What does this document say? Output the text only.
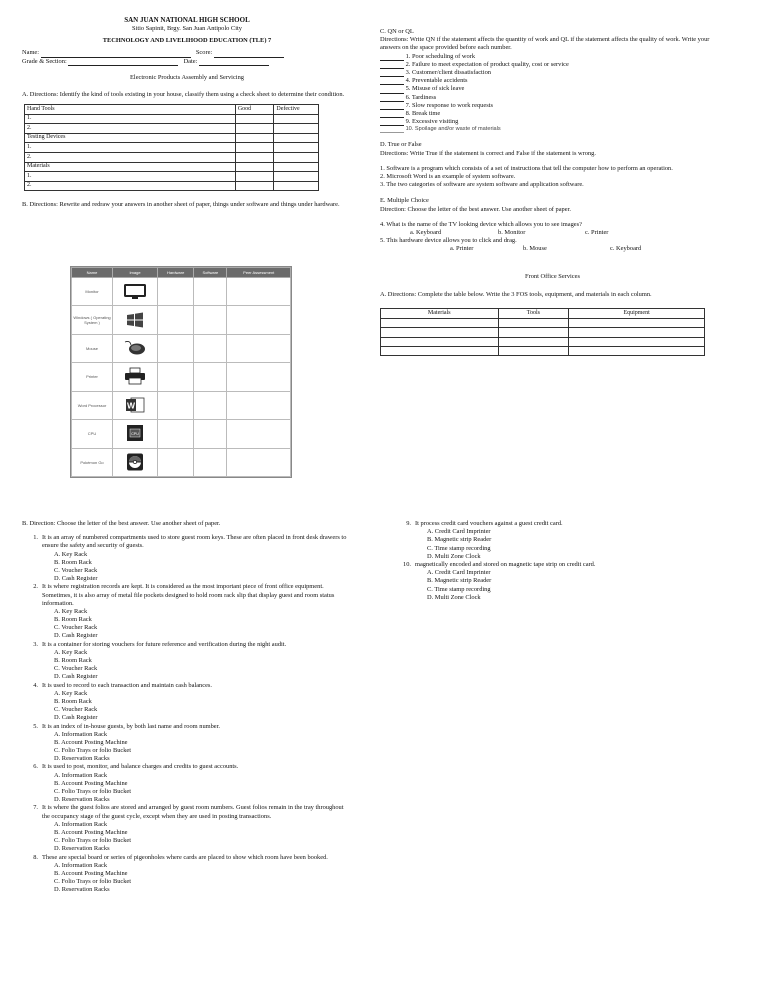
SAN JUAN NATIONAL HIGH SCHOOL
Sitio Sapinit, Brgy. San Juan Antipolo City
TECHNOLOGY AND LIVELIHOOD EDUCATION (TLE) 7
Name:	Score:
Grade & Section:	Date:
Electronic Products Assembly and Servicing
A. Directions: Identify the kind of tools existing in your house, classify them using a check sheet to determine their condition.
Hand Tools	Good	Defective
1.		
2.		
Testing Devices		
1.		
2.		
Materials		
1.		
2.		
B. Directions: Rewrite and redraw your answers in another sheet of paper, things under software and things under hardware.
Name	Image	Hardware	Software	Peer Assessment
Monitor				
Windows ( Operating System )				
Mouse				
Printer				
Word Processor	W			

CPU	CPU			

Pokémon Go				
C. QN or QL
Directions: Write QN if the statement affects the quantity of work and QL if the statement affects the quality of work. Write your answers on the space provided before each number.
1. Poor scheduling of work
2. Failure to meet expectation of product quality, cost or service
3. Customer/client dissatisfaction
4. Preventable accidents
5. Misuse of sick leave
6. Tardiness
7. Slow response to work requests
8. Break time
9. Excessive visiting
10. Spoilage and/or waste of materials
D. True or False
Directions: Write True if the statement is correct and False if the statement is wrong.
1. Software is a program which consists of a set of instructions that tell the computer how to perform an operation.
2. Microsoft Word is an example of system software.
3. The two categories of software are system software and application software.
E. Multiple Choice
Direction: Choose the letter of the best answer. Use another sheet of paper.
4. What is the name of the TV looking device which allows you to see images?
a. Keyboard	b. Monitor	c. Printer
5. This hardware device allows you to click and drag.
a. Printer	b. Mouse	c. Keyboard
Front Office Services
A. Directions: Complete the table below. Write the 3 FOS tools, equipment, and materials in each column.
Materials	Tools	Equipment

B. Direction: Choose the letter of the best answer. Use another sheet of paper.
1. It is an array of numbered compartments used to store guest room keys. These are often placed in front desk drawers to ensure the safety and security of guests.
A. Key Rack
B. Room Rack
C. Voucher Rack
D. Cash Register
2. It is where registration records are kept. It is considered as the most important piece of front office equipment. Sometimes, it is also array of metal file pockets designed to hold room rack slip that display guest and room status information.
A. Key Rack
B. Room Rack
C. Voucher Rack
D. Cash Register
3. It is a container for storing vouchers for future reference and verification during the night audit.
A. Key Rack
B. Room Rack
C. Voucher Rack
D. Cash Register
4. It is used to record to each transaction and maintain cash balances.
A. Key Rack
B. Room Rack
C. Voucher Rack
D. Cash Register
5. It is an index of in-house guests, by both last name and room number.
A. Information Rack
B. Account Posting Machine
C. Folio Trays or folio Bucket
D. Reservation Racks
6. It is used to post, monitor, and balance charges and credits to guest accounts.
A. Information Rack
B. Account Posting Machine
C. Folio Trays or folio Bucket
D. Reservation Racks
7. It is where the guest folios are stored and arranged by guest room numbers. Guest folios remain in the tray throughout the occupancy stage of the guest cycle, except when they are used in posting transactions.
A. Information Rack
B. Account Posting Machine
C. Folio Trays or folio Bucket
D. Reservation Racks
8. These are special board or series of pigeonholes where cards are placed to show which room have been booked.
A. Information Rack
B. Account Posting Machine
C. Folio Trays or folio Bucket
D. Reservation Racks
9. It process credit card vouchers against a guest credit card.
A. Credit Card Imprinter
B. Magnetic strip Reader
C. Time stamp recording
D. Multi Zone Clock
10. magnetically encoded and stored on magnetic tape strip on credit card.
A. Credit Card Imprinter
B. Magnetic strip Reader
C. Time stamp recording
D. Multi Zone Clock
